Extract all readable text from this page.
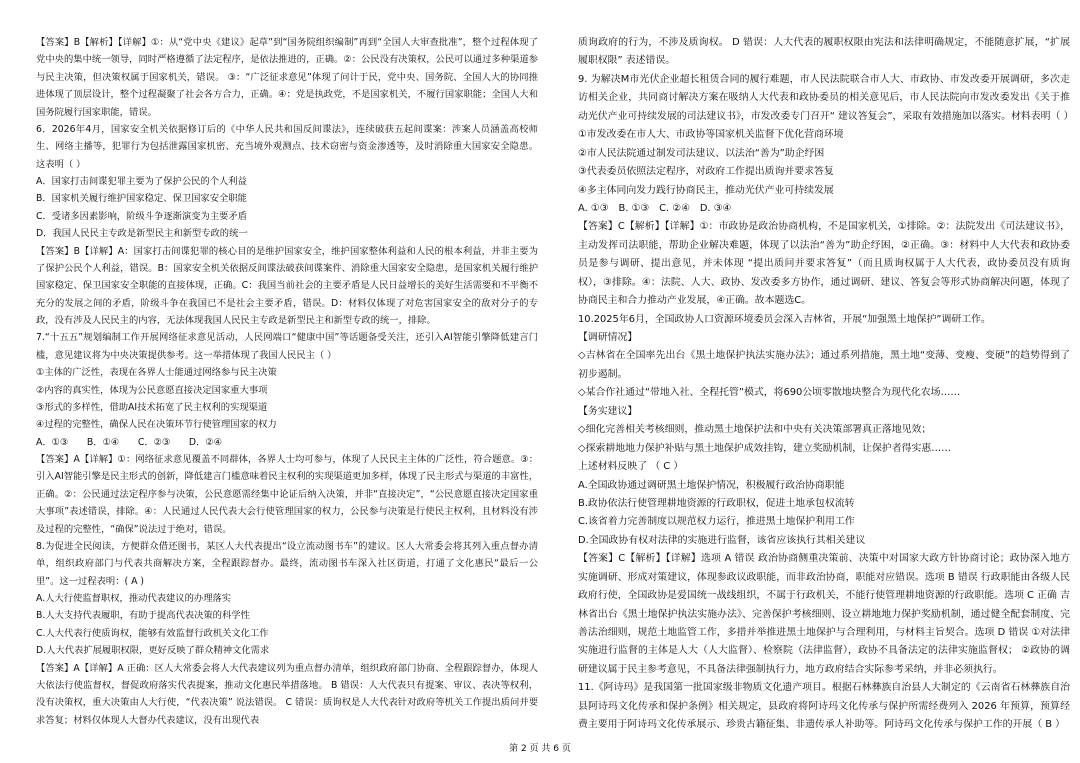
【答案】B【解析】【详解】①：从“党中央《建议》起草”到“国务院组织编制”再到“全国人大审查批准”，整个过程体现了党中央的集中统一领导，同时严格遵循了法定程序，是依法推进的，正确。②：公民没有决策权，公民可以通过多种渠道参与民主决策，但决策权属于国家机关，错误。 ③：“广泛征求意见”体现了问计于民，党中央、国务院、全国人大的协同推进体现了顶层设计，整个过程凝聚了社会各方合力，正确。④：党是执政党，不是国家机关，不履行国家职能；全国人大和国务院履行国家职能，错误。

6．2026年4月，国家安全机关依据修订后的《中华人民共和国反间谍法》，连续破获五起间谍案：涉案人员涵盖高校师生、网络主播等，犯罪行为包括泄露国家机密、充当境外观测点、技术窃密与资金渗透等，及时消除重大国家安全隐患。这表明（ ）

A．国家打击间谍犯罪主要为了保护公民的个人利益

B．国家机关履行维护国家稳定、保卫国家安全职能

C．受诸多因素影响，阶级斗争逐渐演变为主要矛盾

D．我国人民民主专政是新型民主和新型专政的统一

【答案】B【详解】A：国家打击间谍犯罪的核心目的是维护国家安全，维护国家整体利益和人民的根本利益，并非主要为了保护公民个人利益，错误。B：国家安全机关依据反间谍法破获间谍案件、消除重大国家安全隐患，是国家机关履行维护国家稳定、保卫国家安全职能的直接体现，正确。C：我国当前社会的主要矛盾是人民日益增长的美好生活需要和不平衡不充分的发展之间的矛盾，阶级斗争在我国已不是社会主要矛盾，错误。D：材料仅体现了对危害国家安全的敌对分子的专政，没有涉及人民民主的内容，无法体现我国人民民主专政是新型民主和新型专政的统一，排除。

7.“十五五”规划编制工作开展网络征求意见活动，人民网端口“健康中国”等话题备受关注，还引入AI智能引擎降低建言门槛，意见建议将为中央决策提供参考。这一举措体现了我国人民民主（ ）

①主体的广泛性，表现在各界人士能通过网络参与民主决策

②内容的真实性，体现为公民意愿直接决定国家重大事项

③形式的多样性，借助AI技术拓宽了民主权利的实现渠道

④过程的完整性，确保人民在决策环节行使管理国家的权力

A．①③　　B．①④　　C．②③　　D．②④

【答案】A【详解】①：网络征求意见覆盖不同群体，各界人士均可参与，体现了人民民主主体的广泛性，符合题意。③：引入AI智能引擎是民主形式的创新，降低建言门槛意味着民主权利的实现渠道更加多样，体现了民主形式与渠道的丰富性，正确。②：公民通过法定程序参与决策，公民意愿需经集中论证后纳入决策，并非“直接决定”，“公民意愿直接决定国家重大事项”表述错误，排除。④：人民通过人民代表大会行使管理国家的权力，公民参与决策是行使民主权利，且材料没有涉及过程的完整性，“确保”说法过于绝对，错误。

8.为促进全民阅读，方便群众借还图书，某区人大代表提出“设立流动图书车”的建议。区人大常委会将其列入重点督办清单，组织政府部门与代表共商解决方案，全程跟踪督办。最终，流动图书车深入社区街道，打通了文化惠民“最后一公里”。这一过程表明：( A )

A.人大行使监督职权，推动代表建议的办理落实

B.人大支持代表履职，有助于提高代表决策的科学性

C.人大代表行使质询权，能够有效监督行政机关文化工作

D.人大代表扩展履职权限，更好反映了群众精神文化需求

【答案】A【详解】A 正确：区人大常委会将人大代表建议列为重点督办清单，组织政府部门协商、全程跟踪督办，体现人大依法行使监督权，督促政府落实代表提案，推动文化惠民举措落地。 B 错误：人大代表只有提案、审议、表决等权利，没有决策权，重大决策由人大行使，“代表决策” 说法错误。 C 错误：质询权是人大代表针对政府等机关工作提出质问并要求答复；材料仅体现人大督办代表建议，没有出现代表

质询政府的行为，不涉及质询权。 D 错误：人大代表的履职权限由宪法和法律明确规定，不能随意扩展，“扩展履职权限” 表述错误。

9. 为解决M市光伏企业超长租赁合同的履行难题，市人民法院联合市人大、市政协、市发改委开展调研，多次走访相关企业，共同商讨解决方案在吸纳人大代表和政协委员的相关意见后，市人民法院向市发改委发出《关于推动光伏产业可持续发展的司法建议书》，市发改委专门召开“ 建议答复会”，采取有效措施加以落实。材料表明（ ）

①市发改委在市人大、市政协等国家机关监督下优化营商环境

②市人民法院通过制发司法建议、以法治“善为”助企纾困

③代表委员依照法定程序，对政府工作提出质询并要求答复

④多主体同向发力践行协商民主，推动光伏产业可持续发展

A. ①③　B. ①③　C. ②④　D. ③④

【答案】C【解析】【详解】①：市政协是政治协商机构，不是国家机关，①排除。②：法院发出《司法建议书》，主动发挥司法职能，帮助企业解决难题，体现了以法治“善为”助企纾困，②正确。③：材料中人大代表和政协委员是参与调研、提出意见，并未体现 “提出质问并要求答复”（而且质询权属于人大代表，政协委员没有质询权），③排除。④：法院、人大、政协、发改委多方协作，通过调研、建议、答复会等形式协商解决问题，体现了协商民主和合力推动产业发展，④正确。故本题选C。

10.2025年6月，全国政协人口资源环境委员会深入吉林省，开展“加强黑土地保护”调研工作。

【调研情况】

◇吉林省在全国率先出台《黑土地保护执法实施办法》；通过系列措施，黑土地“变薄、变瘦、变硬”的趋势得到了初步遏制。

◇某合作社通过“带地入社、全程托管”模式，将690公顷零散地块整合为现代化农场……

【务实建议】

◇细化完善相关考核细则，推动黑土地保护法和中央有关决策部署真正落地见效；

◇探索耕地地力保护补贴与黑土地保护成效挂钩，建立奖励机制，让保护者得实惠……

上述材料反映了 （ C ）

A.全国政协通过调研黑土地保护情况，积极履行政治协商职能

B.政协依法行使管理耕地资源的行政职权，促进土地承包权流转

C.该省着力完善制度以规范权力运行，推进黑土地保护利用工作

D.全国政协有权对法律的实施进行监督，该省应该执行其相关建议

【答案】C【解析】【详解】选项 A 错误 政治协商侧重决策前、决策中对国家大政方针协商讨论；政协深入地方实施调研、形成对策建议，体现参政议政职能，而非政治协商，职能对应错误。选项 B 错误 行政职能由各级人民政府行使，全国政协是爱国统一战线组织，不属于行政机关，不能行使管理耕地资源的行政职能。选项 C 正确 吉林省出台《黑土地保护执法实施办法》、完善保护考核细则、设立耕地地力保护奖励机制，通过健全配套制度、完善法治细则，规范土地监管工作，多措并举推进黑土地保护与合理利用，与材料主旨契合。选项 D 错误 ①对法律实施进行监督的主体是人大（人大监督）、检察院（法律监督），政协不具备法定的法律实施监督权； ②政协的调研建议属于民主参考意见，不具备法律强制执行力，地方政府结合实际参考采纳，并非必须执行。

11.《阿诗玛》是我国第一批国家级非物质文化遗产项目。根据石林彝族自治县人大制定的《云南省石林彝族自治县阿诗玛文化传承和保护条例》相关规定，县政府将阿诗玛文化传承与保护所需经费列入 2026 年预算，预算经费主要用于阿诗玛文化传承展示、珍贵古籍征集、非遗传承人补助等。阿诗玛文化传承与保护工作的开展（ B ）

第 2 页 共 6 页
